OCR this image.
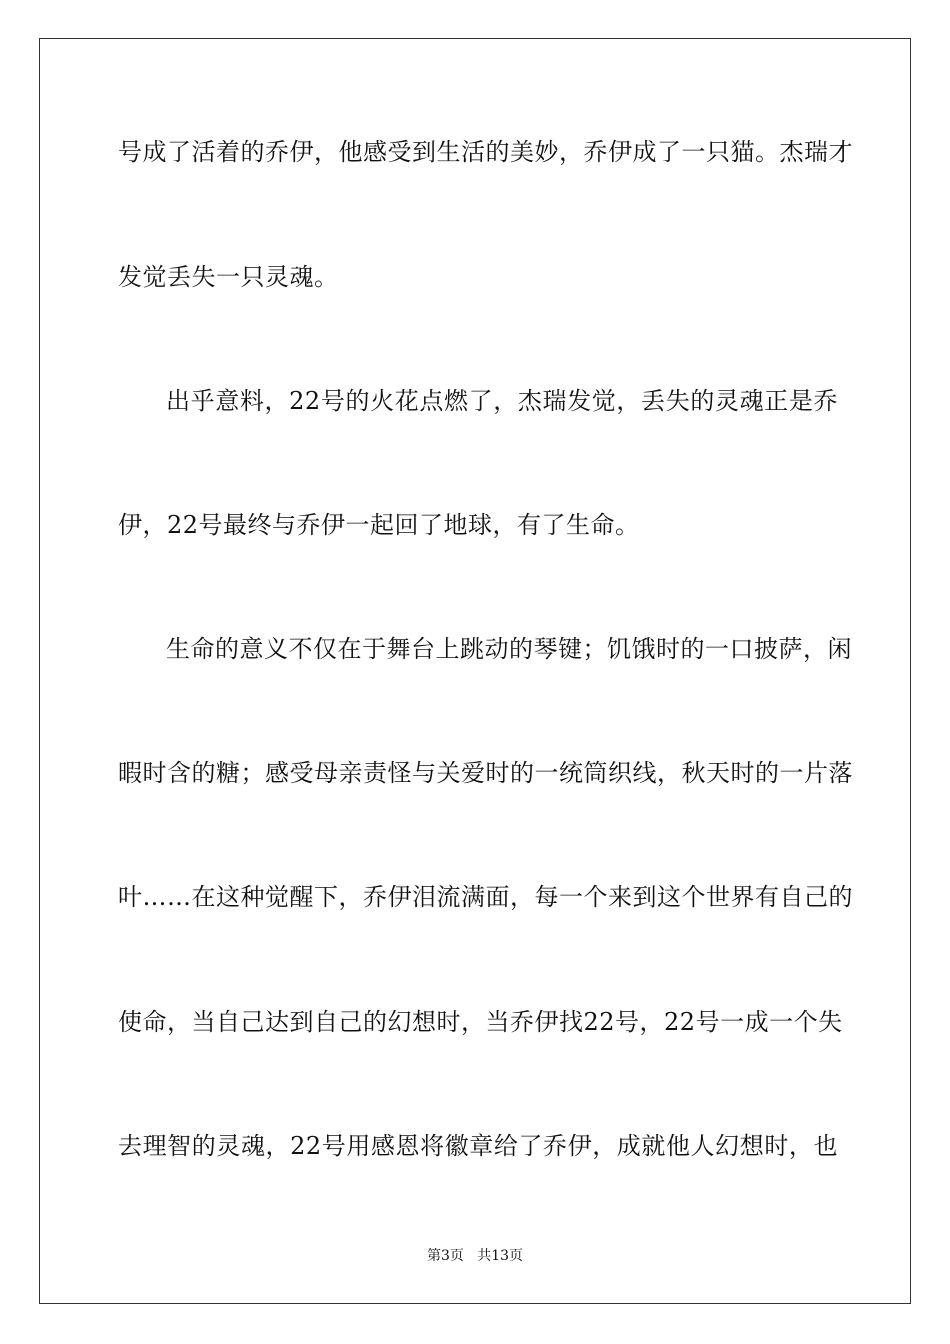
号成了活着的乔伊，他感受到生活的美妙，乔伊成了一只猫。杰瑞才
发觉丢失一只灵魂。
出乎意料，22号的火花点燃了，杰瑞发觉，丢失的灵魂正是乔
伊，22号最终与乔伊一起回了地球，有了生命。
生命的意义不仅在于舞台上跳动的琴键；饥饿时的一口披萨，闲
暇时含的糖；感受母亲责怪与关爱时的一统筒织线，秋天时的一片落
叶……在这种觉醒下，乔伊泪流满面，每一个来到这个世界有自己的
使命，当自己达到自己的幻想时，当乔伊找22号，22号一成一个失
去理智的灵魂，22号用感恩将徽章给了乔伊，成就他人幻想时，也
第3页   共13页
